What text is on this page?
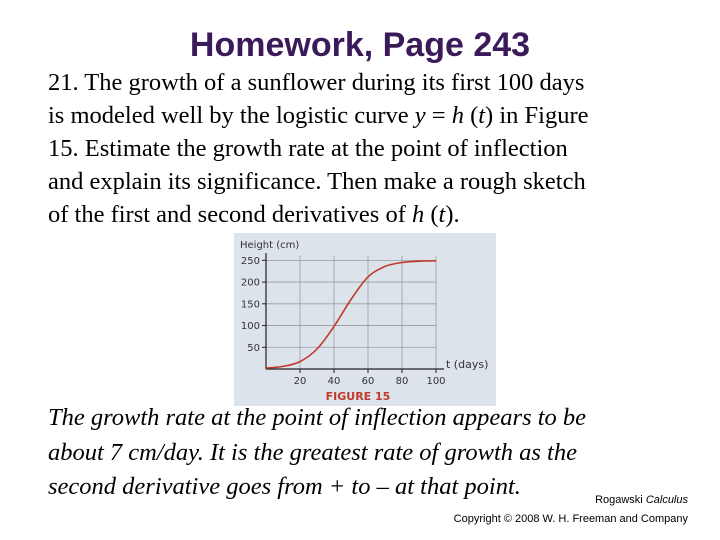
Homework, Page 243
21. The growth of a sunflower during its first 100 days
is modeled well by the logistic curve y = h (t) in Figure
15. Estimate the growth rate at the point of inflection
and explain its significance. Then make a rough sketch
of the first and second derivatives of h (t).
50
100
150
200
250
20 40 60 80 100
Height (cm)
t (days)
FIGURE 15
The growth rate at the point of inflection appears to be
about 7 cm/day. It is the greatest rate of growth as the
second derivative goes from + to – at that point.	Rogawski Calculus
Copyright © 2008 W. H. Freeman and Company
